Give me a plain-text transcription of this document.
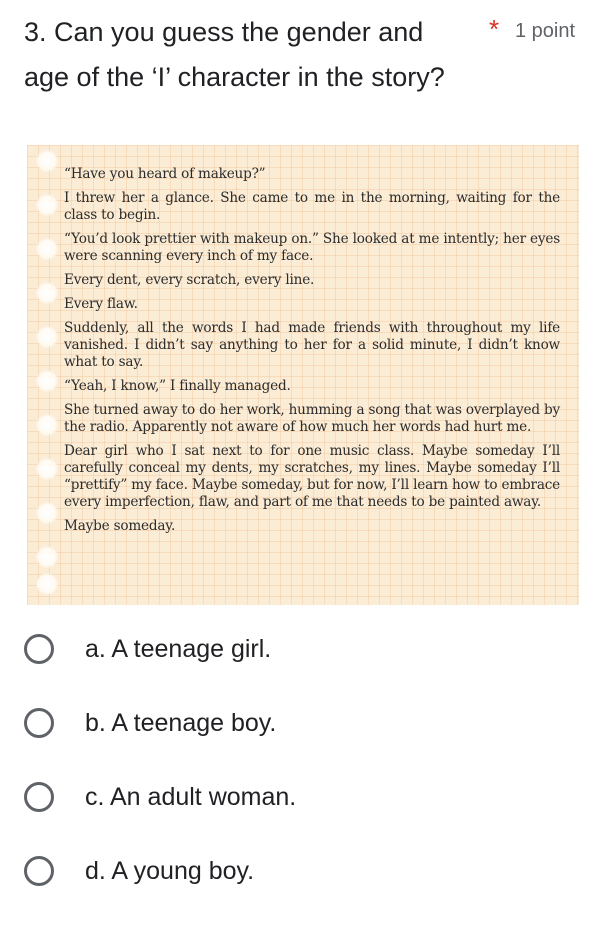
3. Can you guess the gender and age of the ‘I’ character in the story?
* 1 point

“Have you heard of makeup?”

I threw her a glance. She came to me in the morning, waiting for the class to begin.

“You’d look prettier with makeup on.” She looked at me intently; her eyes were scanning every inch of my face.

Every dent, every scratch, every line.

Every flaw.

Suddenly, all the words I had made friends with throughout my life vanished. I didn’t say anything to her for a solid minute, I didn’t know what to say.

“Yeah, I know,” I finally managed.

She turned away to do her work, humming a song that was overplayed by the radio. Apparently not aware of how much her words had hurt me.

Dear girl who I sat next to for one music class. Maybe someday I’ll carefully conceal my dents, my scratches, my lines. Maybe someday I’ll “prettify” my face. Maybe someday, but for now, I’ll learn how to embrace every imperfection, flaw, and part of me that needs to be painted away.

Maybe someday.

a. A teenage girl.
b. A teenage boy.
c. An adult woman.
d. A young boy.
